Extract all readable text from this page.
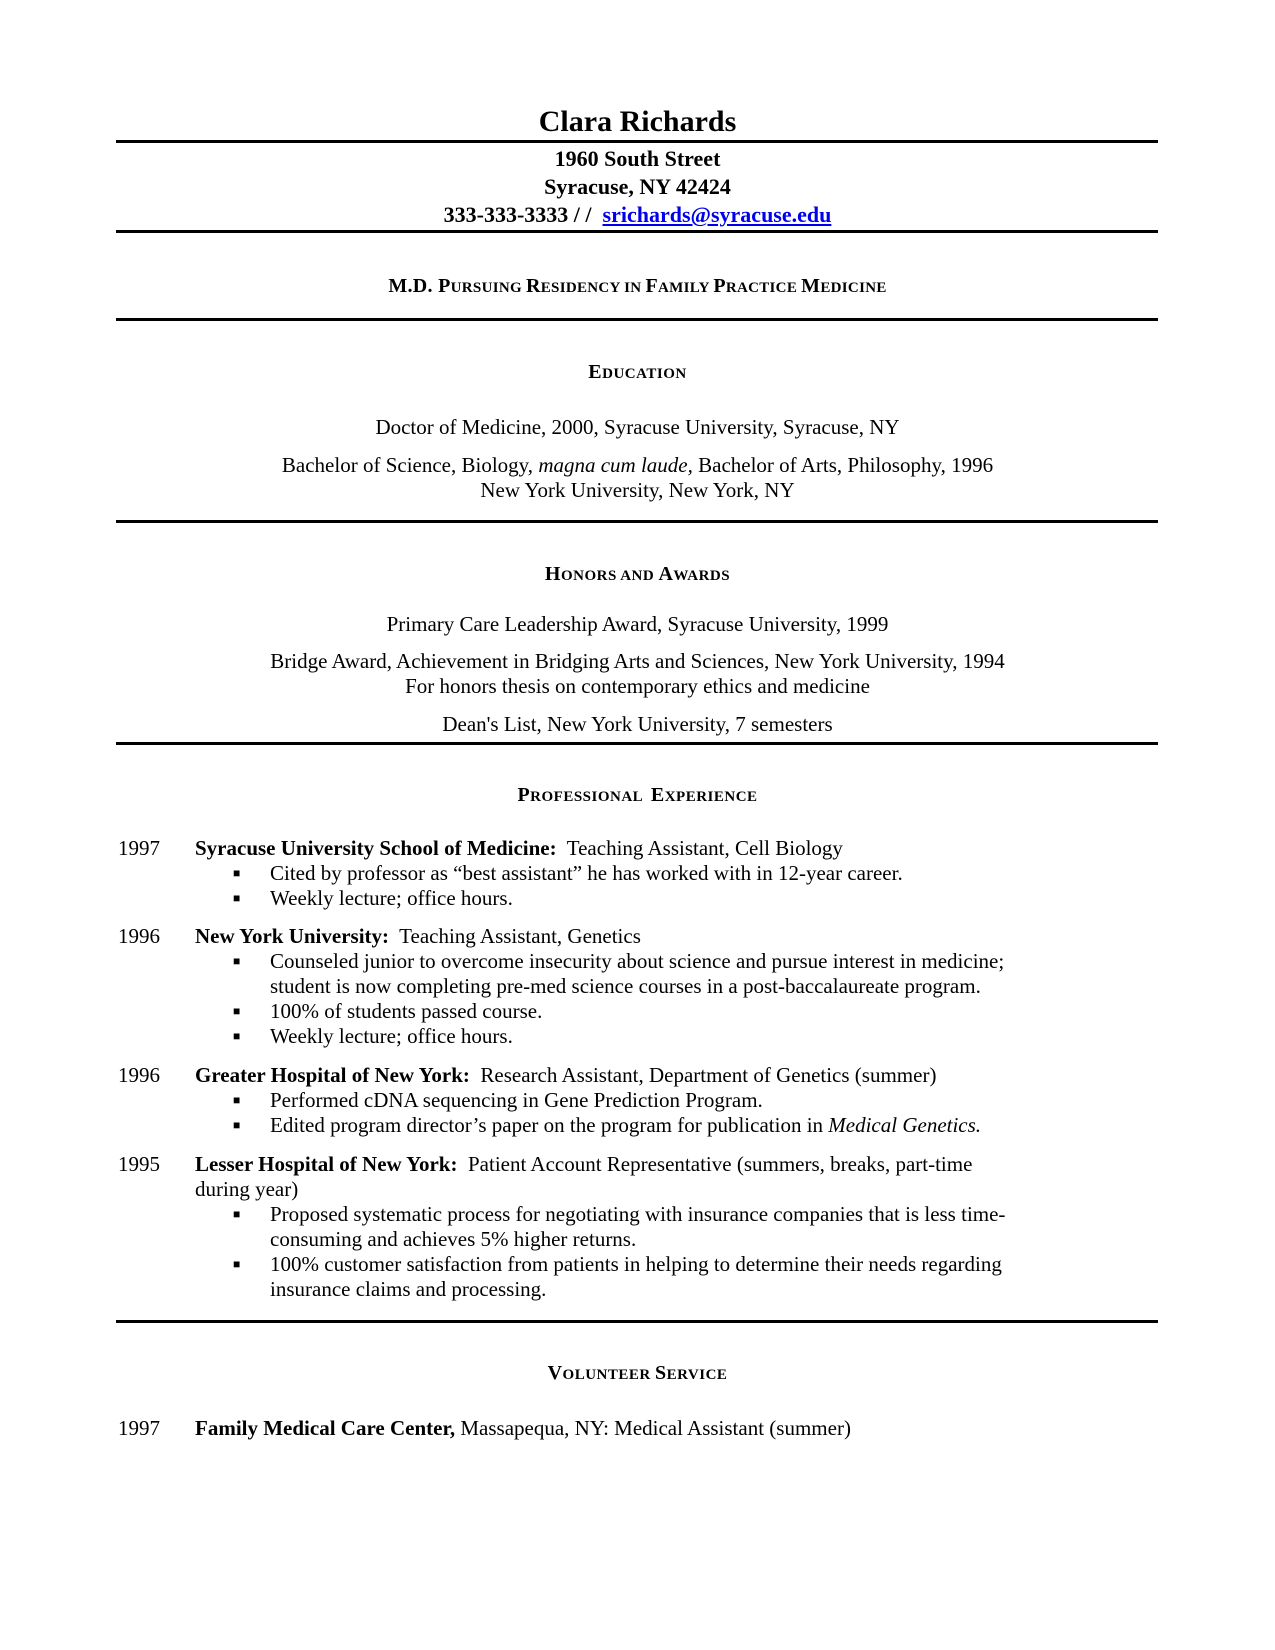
Clara Richards
1960 South Street
Syracuse, NY 42424
333-333-3333 / /  srichards@syracuse.edu
M.D. PURSUING RESIDENCY IN FAMILY PRACTICE MEDICINE
EDUCATION
Doctor of Medicine, 2000, Syracuse University, Syracuse, NY
Bachelor of Science, Biology, magna cum laude, Bachelor of Arts, Philosophy, 1996
New York University, New York, NY
HONORS AND AWARDS
Primary Care Leadership Award, Syracuse University, 1999
Bridge Award, Achievement in Bridging Arts and Sciences, New York University, 1994
For honors thesis on contemporary ethics and medicine
Dean's List, New York University, 7 semesters
PROFESSIONAL  EXPERIENCE
1997 Syracuse University School of Medicine:  Teaching Assistant, Cell Biology
■ Cited by professor as “best assistant” he has worked with in 12-year career.
■ Weekly lecture; office hours.
1996 New York University:  Teaching Assistant, Genetics
■ Counseled junior to overcome insecurity about science and pursue interest in medicine;
student is now completing pre-med science courses in a post-baccalaureate program.
■ 100% of students passed course.
■ Weekly lecture; office hours.
1996 Greater Hospital of New York:  Research Assistant, Department of Genetics (summer)
■ Performed cDNA sequencing in Gene Prediction Program.
■ Edited program director’s paper on the program for publication in Medical Genetics.
1995 Lesser Hospital of New York:  Patient Account Representative (summers, breaks, part-time
during year)
■ Proposed systematic process for negotiating with insurance companies that is less time-
consuming and achieves 5% higher returns.
■ 100% customer satisfaction from patients in helping to determine their needs regarding
insurance claims and processing.
VOLUNTEER SERVICE
1997 Family Medical Care Center, Massapequa, NY: Medical Assistant (summer)
